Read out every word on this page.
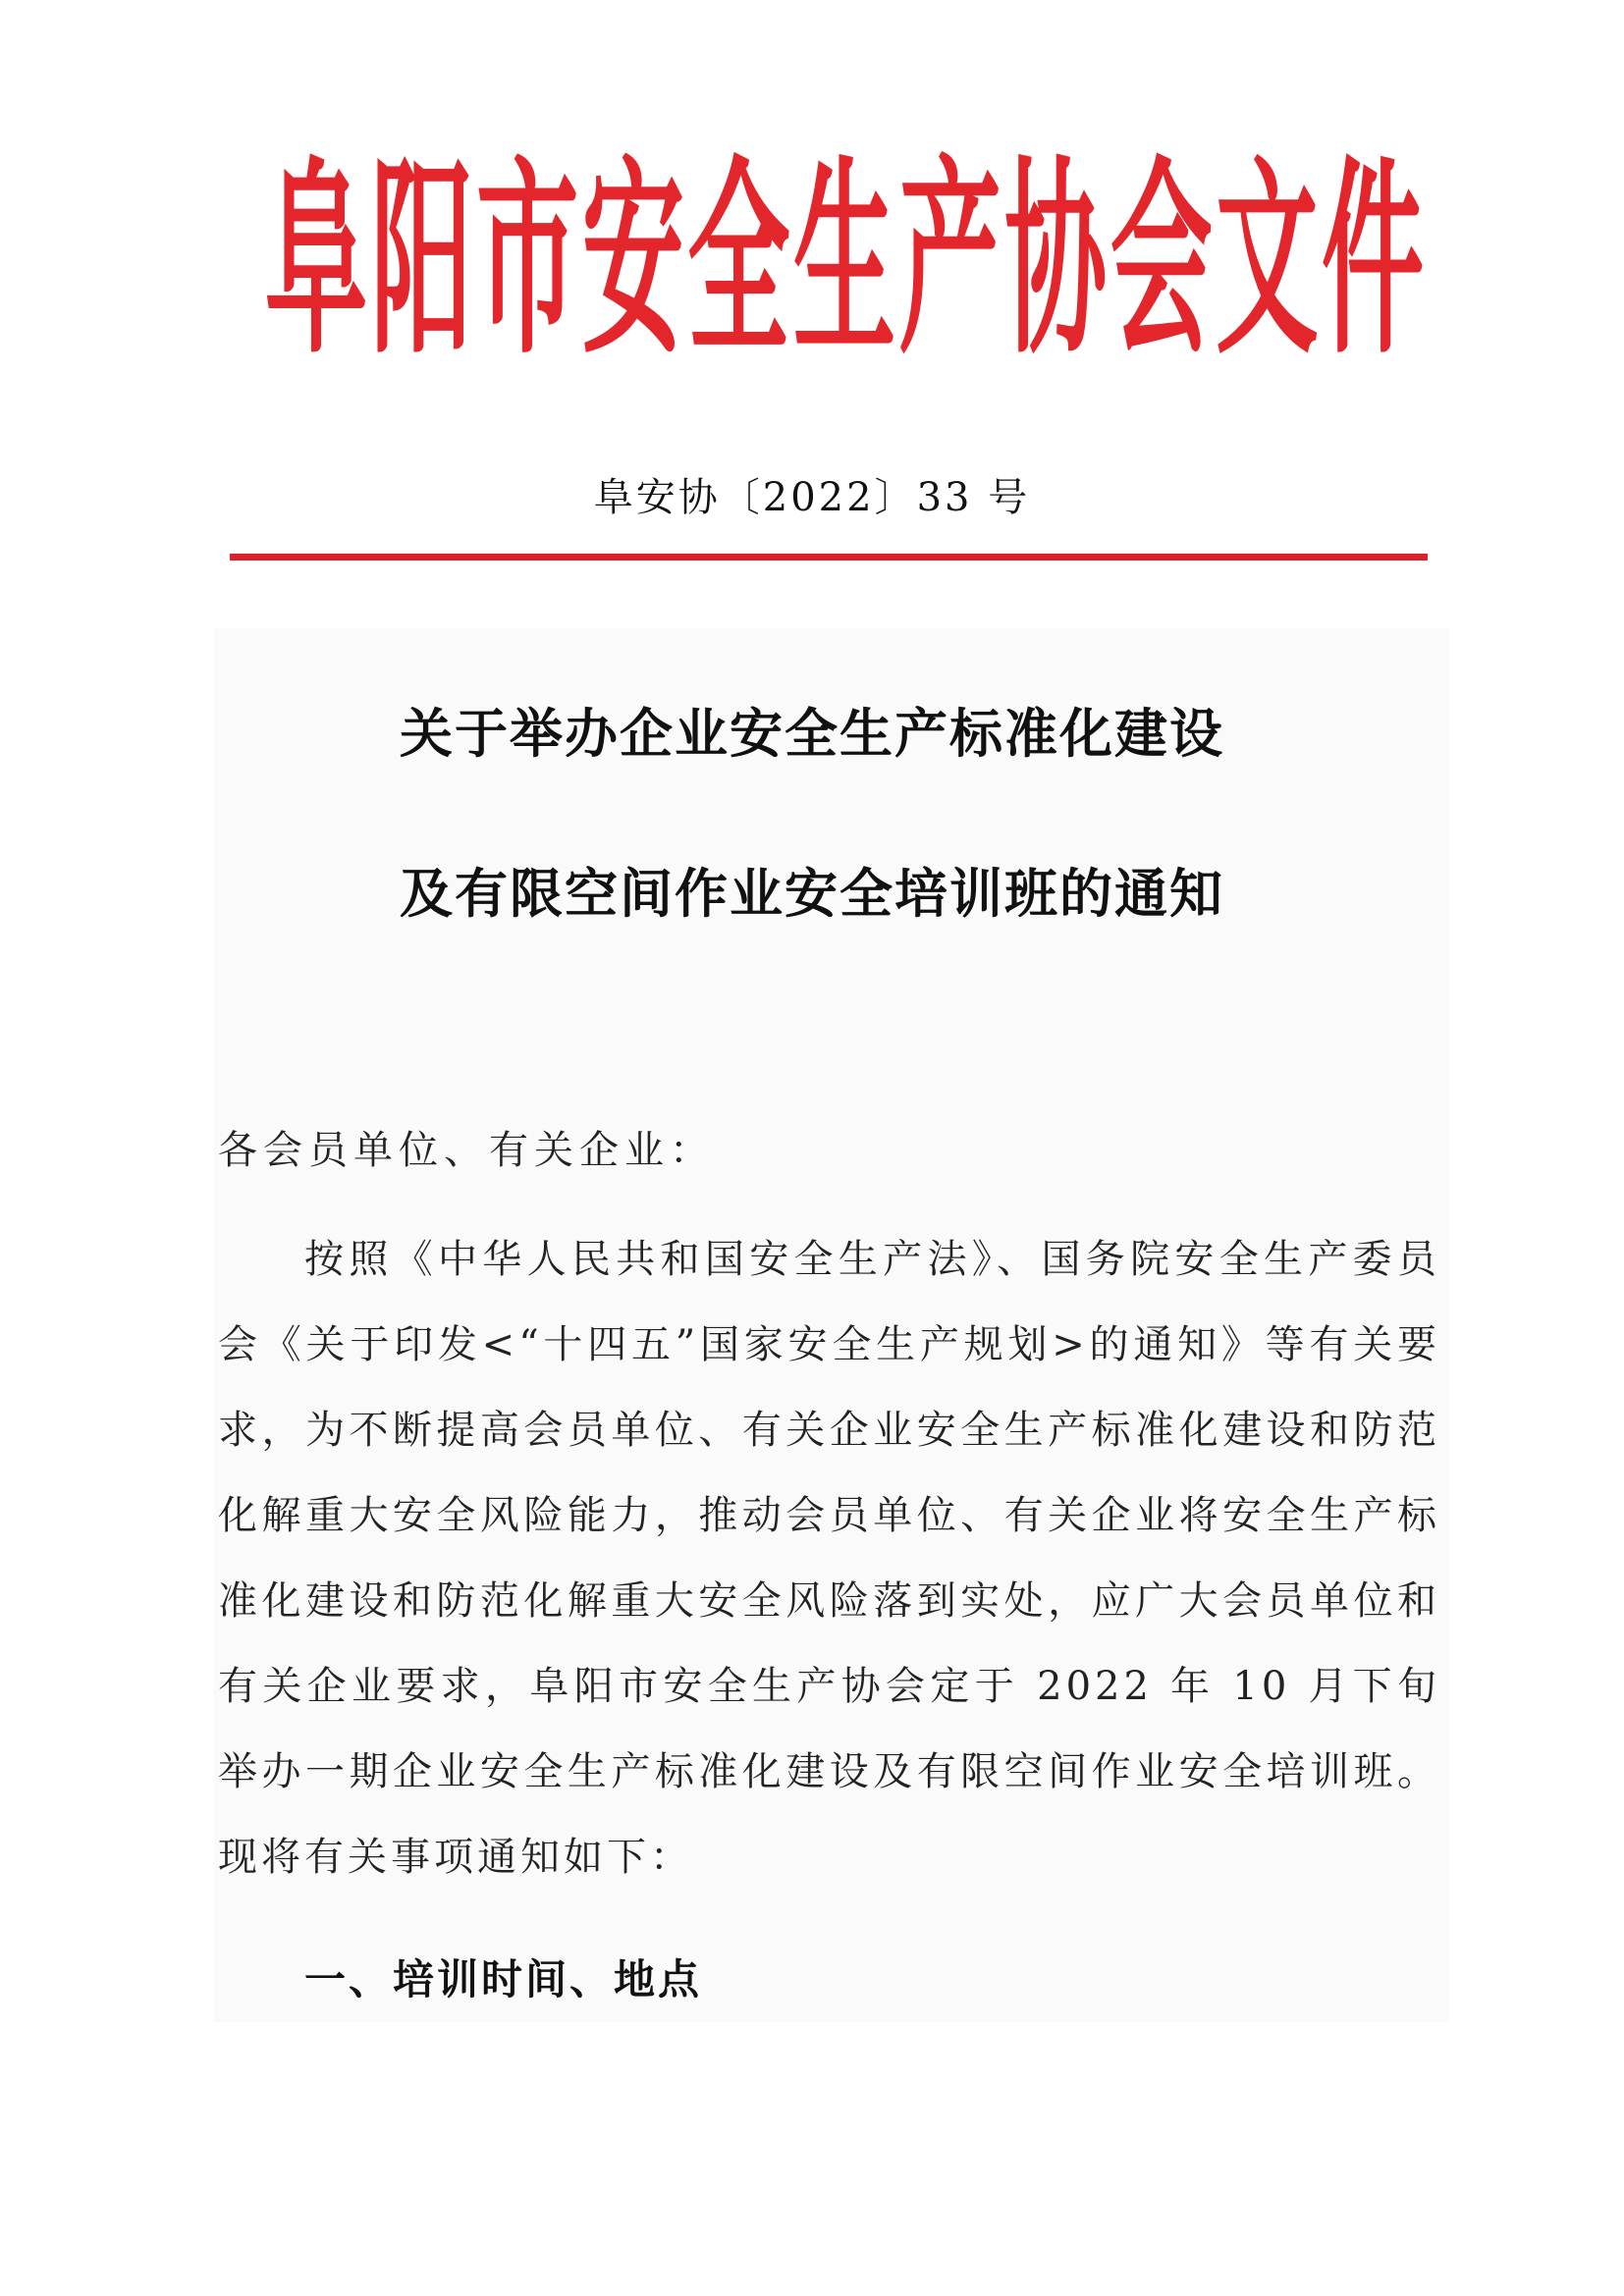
阜 阳 市 安 全 生 产 协 会 文 件

阜安协〔2022〕33 号

关于举办企业安全生产标准化建设
及有限空间作业安全培训班的通知

各会员单位、有关企业：

按照《中华人民共和国安全生产法》、国务院安全生产委员会《关于印发<“十四五”国家安全生产规划>的通知》等有关要求，为不断提高会员单位、有关企业安全生产标准化建设和防范化解重大安全风险能力，推动会员单位、有关企业将安全生产标准化建设和防范化解重大安全风险落到实处，应广大会员单位和有关企业要求，阜阳市安全生产协会定于 2022 年 10 月下旬举办一期企业安全生产标准化建设及有限空间作业安全培训班。现将有关事项通知如下：

一、培训时间、地点
